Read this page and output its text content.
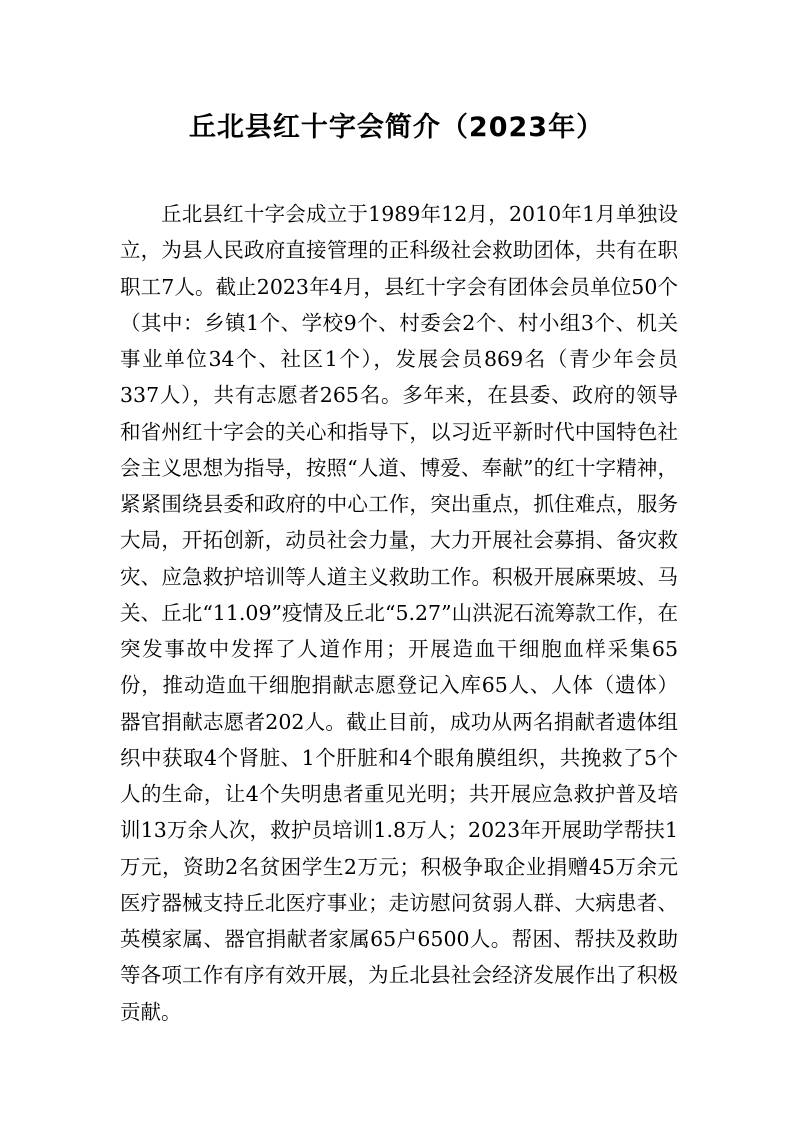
丘北县红十字会简介（2023年）

丘北县红十字会成立于1989年12月，2010年1月单独设立，为县人民政府直接管理的正科级社会救助团体，共有在职职工7人。截止2023年4月，县红十字会有团体会员单位50个（其中：乡镇1个、学校9个、村委会2个、村小组3个、机关事业单位34个、社区1个），发展会员869名（青少年会员337人），共有志愿者265名。多年来，在县委、政府的领导和省州红十字会的关心和指导下，以习近平新时代中国特色社会主义思想为指导，按照“人道、博爱、奉献”的红十字精神，紧紧围绕县委和政府的中心工作，突出重点，抓住难点，服务大局，开拓创新，动员社会力量，大力开展社会募捐、备灾救灾、应急救护培训等人道主义救助工作。积极开展麻栗坡、马关、丘北“11.09”疫情及丘北“5.27”山洪泥石流筹款工作，在突发事故中发挥了人道作用；开展造血干细胞血样采集65份，推动造血干细胞捐献志愿登记入库65人、人体（遗体）器官捐献志愿者202人。截止目前，成功从两名捐献者遗体组织中获取4个肾脏、1个肝脏和4个眼角膜组织，共挽救了5个人的生命，让4个失明患者重见光明；共开展应急救护普及培训13万余人次，救护员培训1.8万人；2023年开展助学帮扶1万元，资助2名贫困学生2万元；积极争取企业捐赠45万余元医疗器械支持丘北医疗事业；走访慰问贫弱人群、大病患者、英模家属、器官捐献者家属65户6500人。帮困、帮扶及救助等各项工作有序有效开展，为丘北县社会经济发展作出了积极贡献。
